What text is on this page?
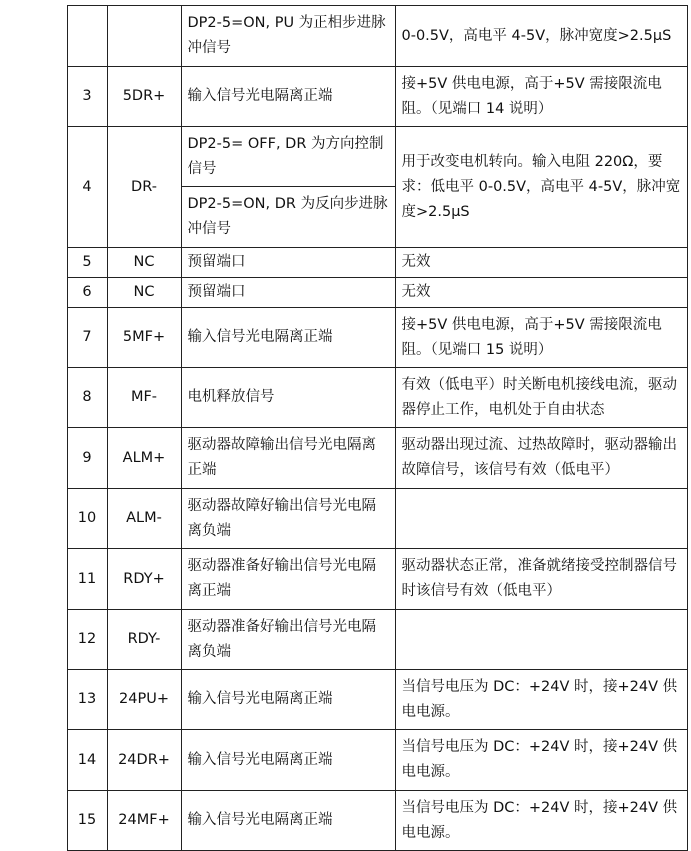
			DP2-5=ON, PU 为正相步进脉冲信号	0-0.5V，高电平 4-5V，脉冲宽度>2.5μS
	3	5DR+	输入信号光电隔离正端	接+5V 供电电源，高于+5V 需接限流电阻。（见端口 14 说明）
	4	DR-	DP2-5= OFF, DR 为方向控制信号	用于改变电机转向。输入电阻 220Ω，要求：低电平 0-0.5V，高电平 4-5V，脉冲宽度>2.5μS
			DP2-5=ON, DR 为反向步进脉冲信号	
	5	NC	预留端口	无效
	6	NC	预留端口	无效
	7	5MF+	输入信号光电隔离正端	接+5V 供电电源，高于+5V 需接限流电阻。（见端口 15 说明）
	8	MF-	电机释放信号	有效（低电平）时关断电机接线电流，驱动器停止工作，电机处于自由状态
	9	ALM+	驱动器故障输出信号光电隔离正端	驱动器出现过流、过热故障时，驱动器输出故障信号，该信号有效（低电平）
	10	ALM-	驱动器故障好输出信号光电隔离负端	
	11	RDY+	驱动器准备好输出信号光电隔离正端	驱动器状态正常，准备就绪接受控制器信号时该信号有效（低电平）
	12	RDY-	驱动器准备好输出信号光电隔离负端	
	13	24PU+	输入信号光电隔离正端	当信号电压为 DC：+24V 时，接+24V 供电电源。
	14	24DR+	输入信号光电隔离正端	当信号电压为 DC：+24V 时，接+24V 供电电源。
	15	24MF+	输入信号光电隔离正端	当信号电压为 DC：+24V 时，接+24V 供电电源。
